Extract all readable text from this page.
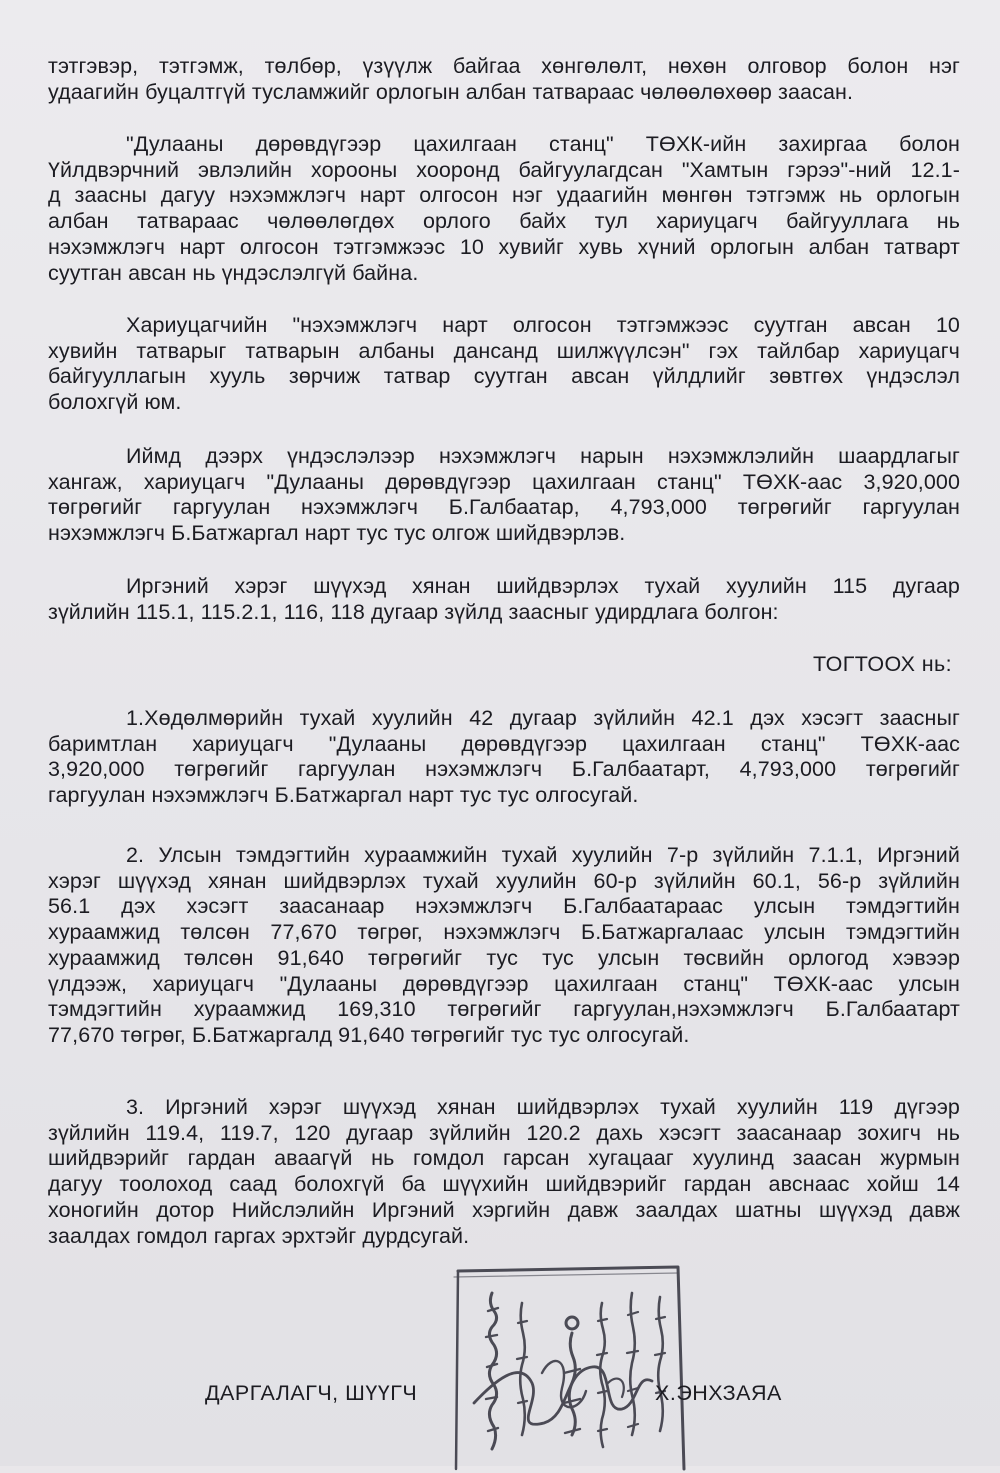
тэтгэвэр, тэтгэмж, төлбөр, үзүүлж байгаа хөнгөлөлт, нөхөн олговор болон нэг
удаагийн буцалтгүй тусламжийг орлогын албан татвараас чөлөөлөхөөр заасан.
"Дулааны дөрөвдүгээр цахилгаан станц" ТӨХК-ийн захиргаа болон
Үйлдвэрчний эвлэлийн хорооны хооронд байгуулагдсан "Хамтын гэрээ"-ний 12.1-
д заасны дагуу нэхэмжлэгч нарт олгосон нэг удаагийн мөнгөн тэтгэмж нь орлогын
албан татвараас чөлөөлөгдөх орлого байх тул хариуцагч байгууллага нь
нэхэмжлэгч нарт олгосон тэтгэмжээс 10 хувийг хувь хүний орлогын албан татварт
суутган авсан нь үндэслэлгүй байна.
Хариуцагчийн "нэхэмжлэгч нарт олгосон тэтгэмжээс суутган авсан 10
хувийн татварыг татварын албаны дансанд шилжүүлсэн" гэх тайлбар хариуцагч
байгууллагын хууль зөрчиж татвар суутган авсан үйлдлийг зөвтгөх үндэслэл
болохгүй юм.
Иймд дээрх үндэслэлээр нэхэмжлэгч нарын нэхэмжлэлийн шаардлагыг
хангаж, хариуцагч "Дулааны дөрөвдүгээр цахилгаан станц" ТӨХК-аас 3,920,000
төгрөгийг гаргуулан нэхэмжлэгч Б.Галбаатар, 4,793,000 төгрөгийг гаргуулан
нэхэмжлэгч Б.Батжаргал нарт тус тус олгож шийдвэрлэв.
Иргэний хэрэг шүүхэд хянан шийдвэрлэх тухай хуулийн 115 дугаар
зүйлийн 115.1, 115.2.1, 116, 118 дугаар зүйлд заасныг удирдлага болгон:
ТОГТООХ нь:
1.Хөдөлмөрийн тухай хуулийн 42 дугаар зүйлийн 42.1 дэх хэсэгт заасныг
баримтлан хариуцагч "Дулааны дөрөвдүгээр цахилгаан станц" ТӨХК-аас
3,920,000 төгрөгийг гаргуулан нэхэмжлэгч Б.Галбаатарт, 4,793,000 төгрөгийг
гаргуулан нэхэмжлэгч Б.Батжаргал нарт тус тус олгосугай.
2. Улсын тэмдэгтийн хураамжийн тухай хуулийн 7-р зүйлийн 7.1.1, Иргэний
хэрэг шүүхэд хянан шийдвэрлэх тухай хуулийн 60-р зүйлийн 60.1, 56-р зүйлийн
56.1 дэх хэсэгт заасанаар нэхэмжлэгч Б.Галбаатараас улсын тэмдэгтийн
хураамжид төлсөн 77,670 төгрөг, нэхэмжлэгч Б.Батжаргалаас улсын тэмдэгтийн
хураамжид төлсөн 91,640 төгрөгийг тус тус улсын төсвийн орлогод хэвээр
үлдээж, хариуцагч "Дулааны дөрөвдүгээр цахилгаан станц" ТӨХК-аас улсын
тэмдэгтийн хураамжид 169,310 төгрөгийг гаргуулан,нэхэмжлэгч Б.Галбаатарт
77,670 төгрөг, Б.Батжаргалд 91,640 төгрөгийг тус тус олгосугай.
3. Иргэний хэрэг шүүхэд хянан шийдвэрлэх тухай хуулийн 119 дүгээр
зүйлийн 119.4, 119.7, 120 дугаар зүйлийн 120.2 дахь хэсэгт заасанаар зохигч нь
шийдвэрийг гардан аваагүй нь гомдол гарсан хугацааг хуулинд заасан журмын
дагуу тоолоход саад болохгүй ба шүүхийн шийдвэрийг гардан авснаас хойш 14
хоногийн дотор Нийслэлийн Иргэний хэргийн давж заалдах шатны шүүхэд давж
заалдах гомдол гаргах эрхтэйг дурдсугай.
ДАРГАЛАГЧ, ШҮҮГЧ	Х.ЭНХЗАЯА
